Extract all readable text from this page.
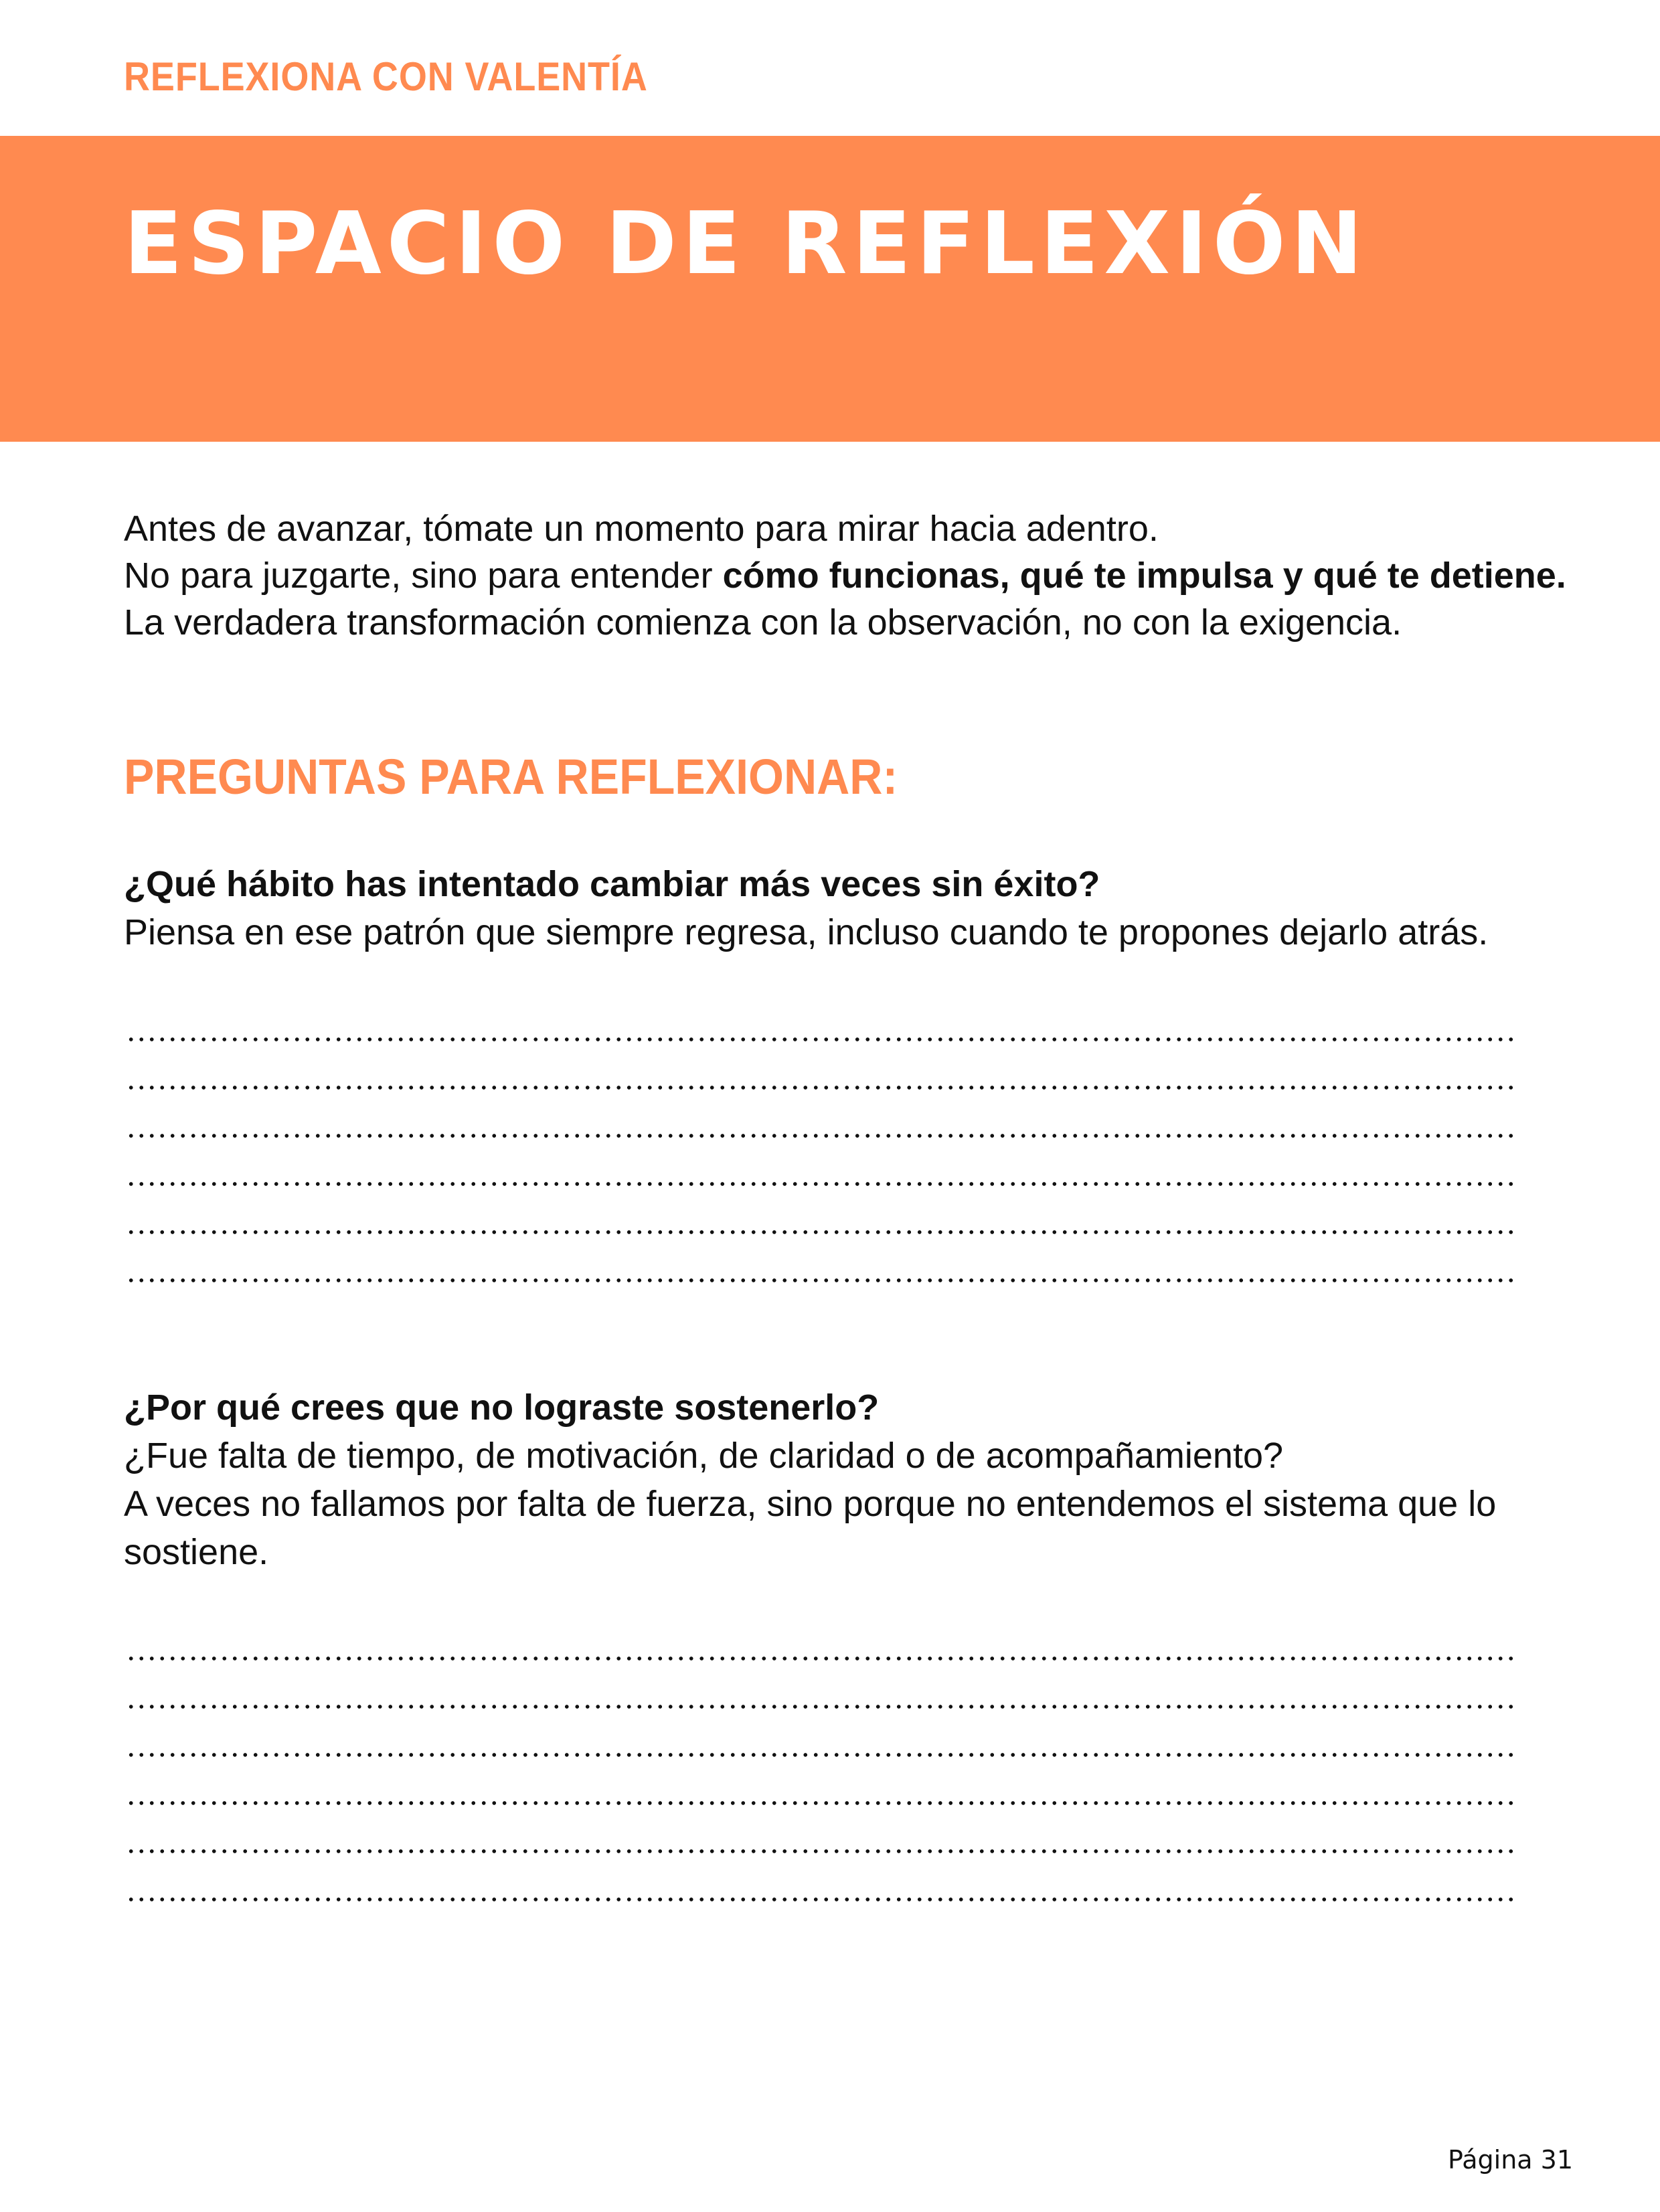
REFLEXIONA CON VALENTÍA
ESPACIO DE REFLEXIÓN

Antes de avanzar, tómate un momento para mirar hacia adentro.

No para juzgarte, sino para entender cómo funcionas, qué te impulsa y qué te detiene.

La verdadera transformación comienza con la observación, no con la exigencia.

PREGUNTAS PARA REFLEXIONAR:

¿Qué hábito has intentado cambiar más veces sin éxito?

Piensa en ese patrón que siempre regresa, incluso cuando te propones dejarlo atrás.

¿Por qué crees que no lograste sostenerlo?

¿Fue falta de tiempo, de motivación, de claridad o de acompañamiento?

A veces no fallamos por falta de fuerza, sino porque no entendemos el sistema que lo sostiene.

Página 31
